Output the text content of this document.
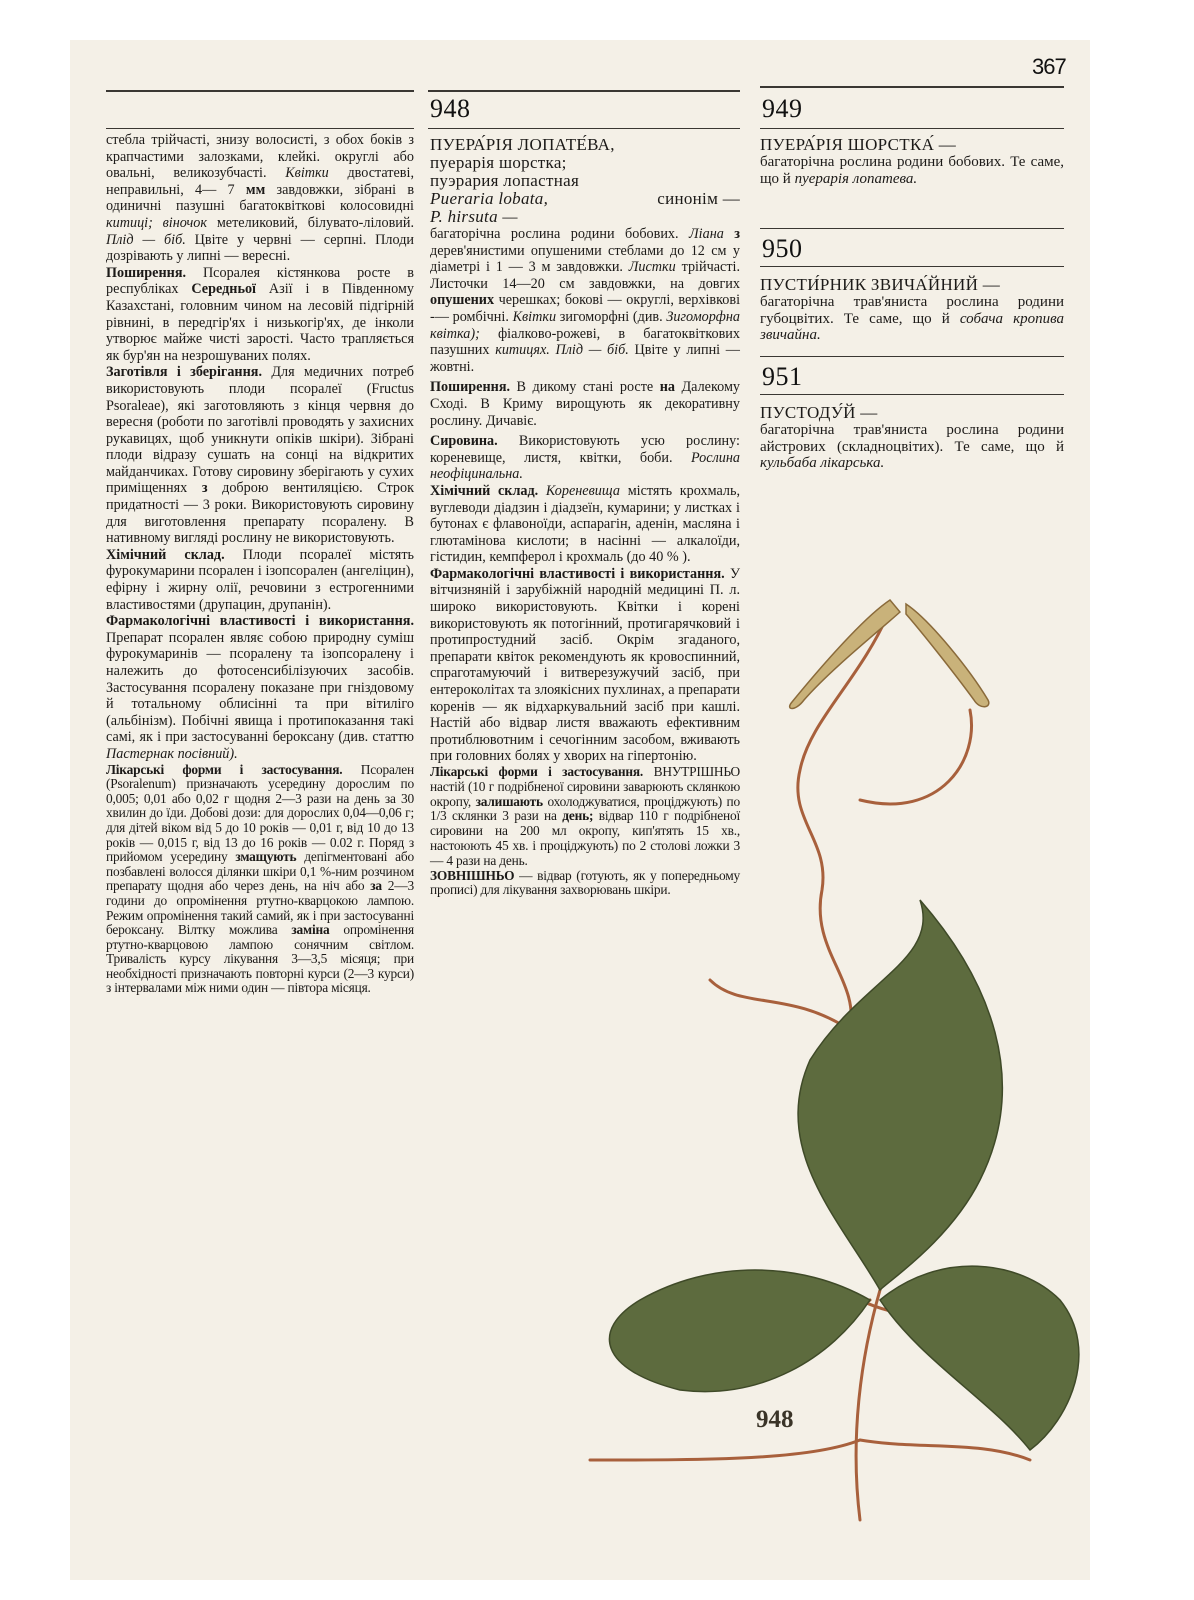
367
948	949
950
951

стебла трійчасті, знизу волосисті, з обох боків з крапчастими залозками, клейкі. округлі або овальні, великозубчасті. Квітки двостатеві, неправильні, 4— 7 мм завдовжки, зібрані в одиничні пазушні багатоквіткові колосовидні китиці; віночок метеликовий, білувато-ліловий. Плід — біб. Цвіте у червні — серпні. Плоди дозрівають у липні — вересні.

Поширення. Псоралея кістянкова росте в республіках Середньої Азії і в Південному Казахстані, головним чином на лесовій підгірній рівнині, в передгір'ях і низькогір'ях, де інколи утворює майже чисті зарості. Часто трапляється як бур'ян на незрошуваних полях.

Заготівля і зберігання. Для медичних потреб використовують плоди псоралеї (Fructus Psoraleae), які заготовляють з кінця червня до вересня (роботи по заготівлі проводять у захисних рукавицях, щоб уникнути опіків шкіри). Зібрані плоди відразу сушать на сонці на відкритих майданчиках. Готову сировину зберігають у сухих приміщеннях з доброю вентиляцією. Строк придатності — 3 роки. Використовують сировину для виготовлення препарату псоралену. В нативному вигляді рослину не використовують.

Хімічний склад. Плоди псоралеї містять фурокумарини псорален і ізопсорален (ангеліцин), ефірну і жирну олії, речовини з естрогенними властивостями (друпацин, друпанін).

Фармакологічні властивості і використання. Препарат псорален являє собою природну суміш фурокумаринів — псоралену та ізопсоралену і належить до фотосенсибілізуючих засобів. Застосування псоралену показане при гніздовому й тотальному облисінні та при вітиліго (альбінізм). Побічні явища і протипоказання такі самі, як і при застосуванні бероксану (див. статтю Пастернак посівний).

Лікарські форми і застосування. Псорален (Psoralenum) призначають усередину дорослим по 0,005; 0,01 або 0,02 г щодня 2—3 рази на день за 30 хвилин до їди. Добові дози: для дорослих 0,04—0,06 г; для дітей віком від 5 до 10 років — 0,01 г, від 10 до 13 років — 0,015 г, від 13 до 16 років — 0.02 г. Поряд з прийомом усередину змащують депігментовані або позбавлені волосся ділянки шкіри 0,1 %-ним розчином препарату щодня або через день, на ніч або за 2—3 години до опромінення ртутно-кварцокою лампою. Режим опромінення такий самий, як і при застосуванні бероксану. Вілтку можлива заміна опромінення ртутно-кварцовою лампою сонячним світлом. Тривалість курсу лікування 3—3,5 місяця; при необхідності призначають повторні курси (2—3 курси) з інтервалами між ними один — півтора місяця.

ПУЕРА́РІЯ ЛОПАТЕ́ВА,
пуерарія шорстка;
пуэрария лопастная
Pueraria lobata,	синонім —
P. hirsuta —

багаторічна рослина родини бобових. Ліана з дерев'янистими опушеними стеблами до 12 см у діаметрі і 1 — 3 м завдовжки. Листки трійчасті. Листочки 14—20 см завдовжки, на довгих опушених черешках; бокові — округлі, верхівкові -— ромбічні. Квітки зигоморфні (див. Зигоморфна квітка); фіалково-рожеві, в багатоквіткових пазушних китицях. Плід — біб. Цвіте у липні — жовтні.

Поширення. В дикому стані росте на Далекому Сході. В Криму вирощують як декоративну рослину. Дичавіє.

Сировина. Використовують усю рослину: кореневище, листя, квітки, боби. Рослина неофіцинальна.

Хімічний склад. Кореневища містять крохмаль, вуглеводи діадзин і діадзеїн, кумарини; у листках і бутонах є флавоноїди, аспарагін, аденін, масляна і глютамінова кислоти; в насінні — алкалоїди, гістидин, кемпферол і крохмаль (до 40 % ).

Фармакологічні властивості і використання. У вітчизняній і зарубіжній народній медицині П. л. широко використовують. Квітки і корені використовують як потогінний, протигарячковий і протипростудний засіб. Окрім згаданого, препарати квіток рекомендують як кровоспинний, спраготамуючий і витверезужучий засіб, при ентероколітах та злоякісних пухлинах, а препарати коренів — як відхаркувальний засіб при кашлі. Настій або відвар листя вважають ефективним протиблювотним і сечогінним засобом, вживають при головних болях у хворих на гіпертонію.

Лікарські форми і застосування. ВНУТРІШНЬО настій (10 г подрібненої сировини заварюють склянкою окропу, залишають охолоджуватися, проціджують) по 1/3 склянки 3 рази на день; відвар 110 г подрібненої сировини на 200 мл окропу, кип'ятять 15 хв., настоюють 45 хв. і проціджують) по 2 столові ложки 3— 4 рази на день.

ЗОВНІШНЬО — відвар (готують, як у попередньому прописі) для лікування захворювань шкіри.

ПУЕРА́РІЯ ШОРСТКА́ —

багаторічна рослина родини бобових. Те саме, що й пуерарія лопатева.

ПУСТИ́РНИК ЗВИЧА́ЙНИЙ —

багаторічна трав'яниста рослина родини губоцвітих. Те саме, що й собача кропива звичайна.

ПУСТОДУ́Й —

багаторічна трав'яниста рослина родини айстрових (складноцвітих). Те саме, що й кульбаба лікарська.

948
